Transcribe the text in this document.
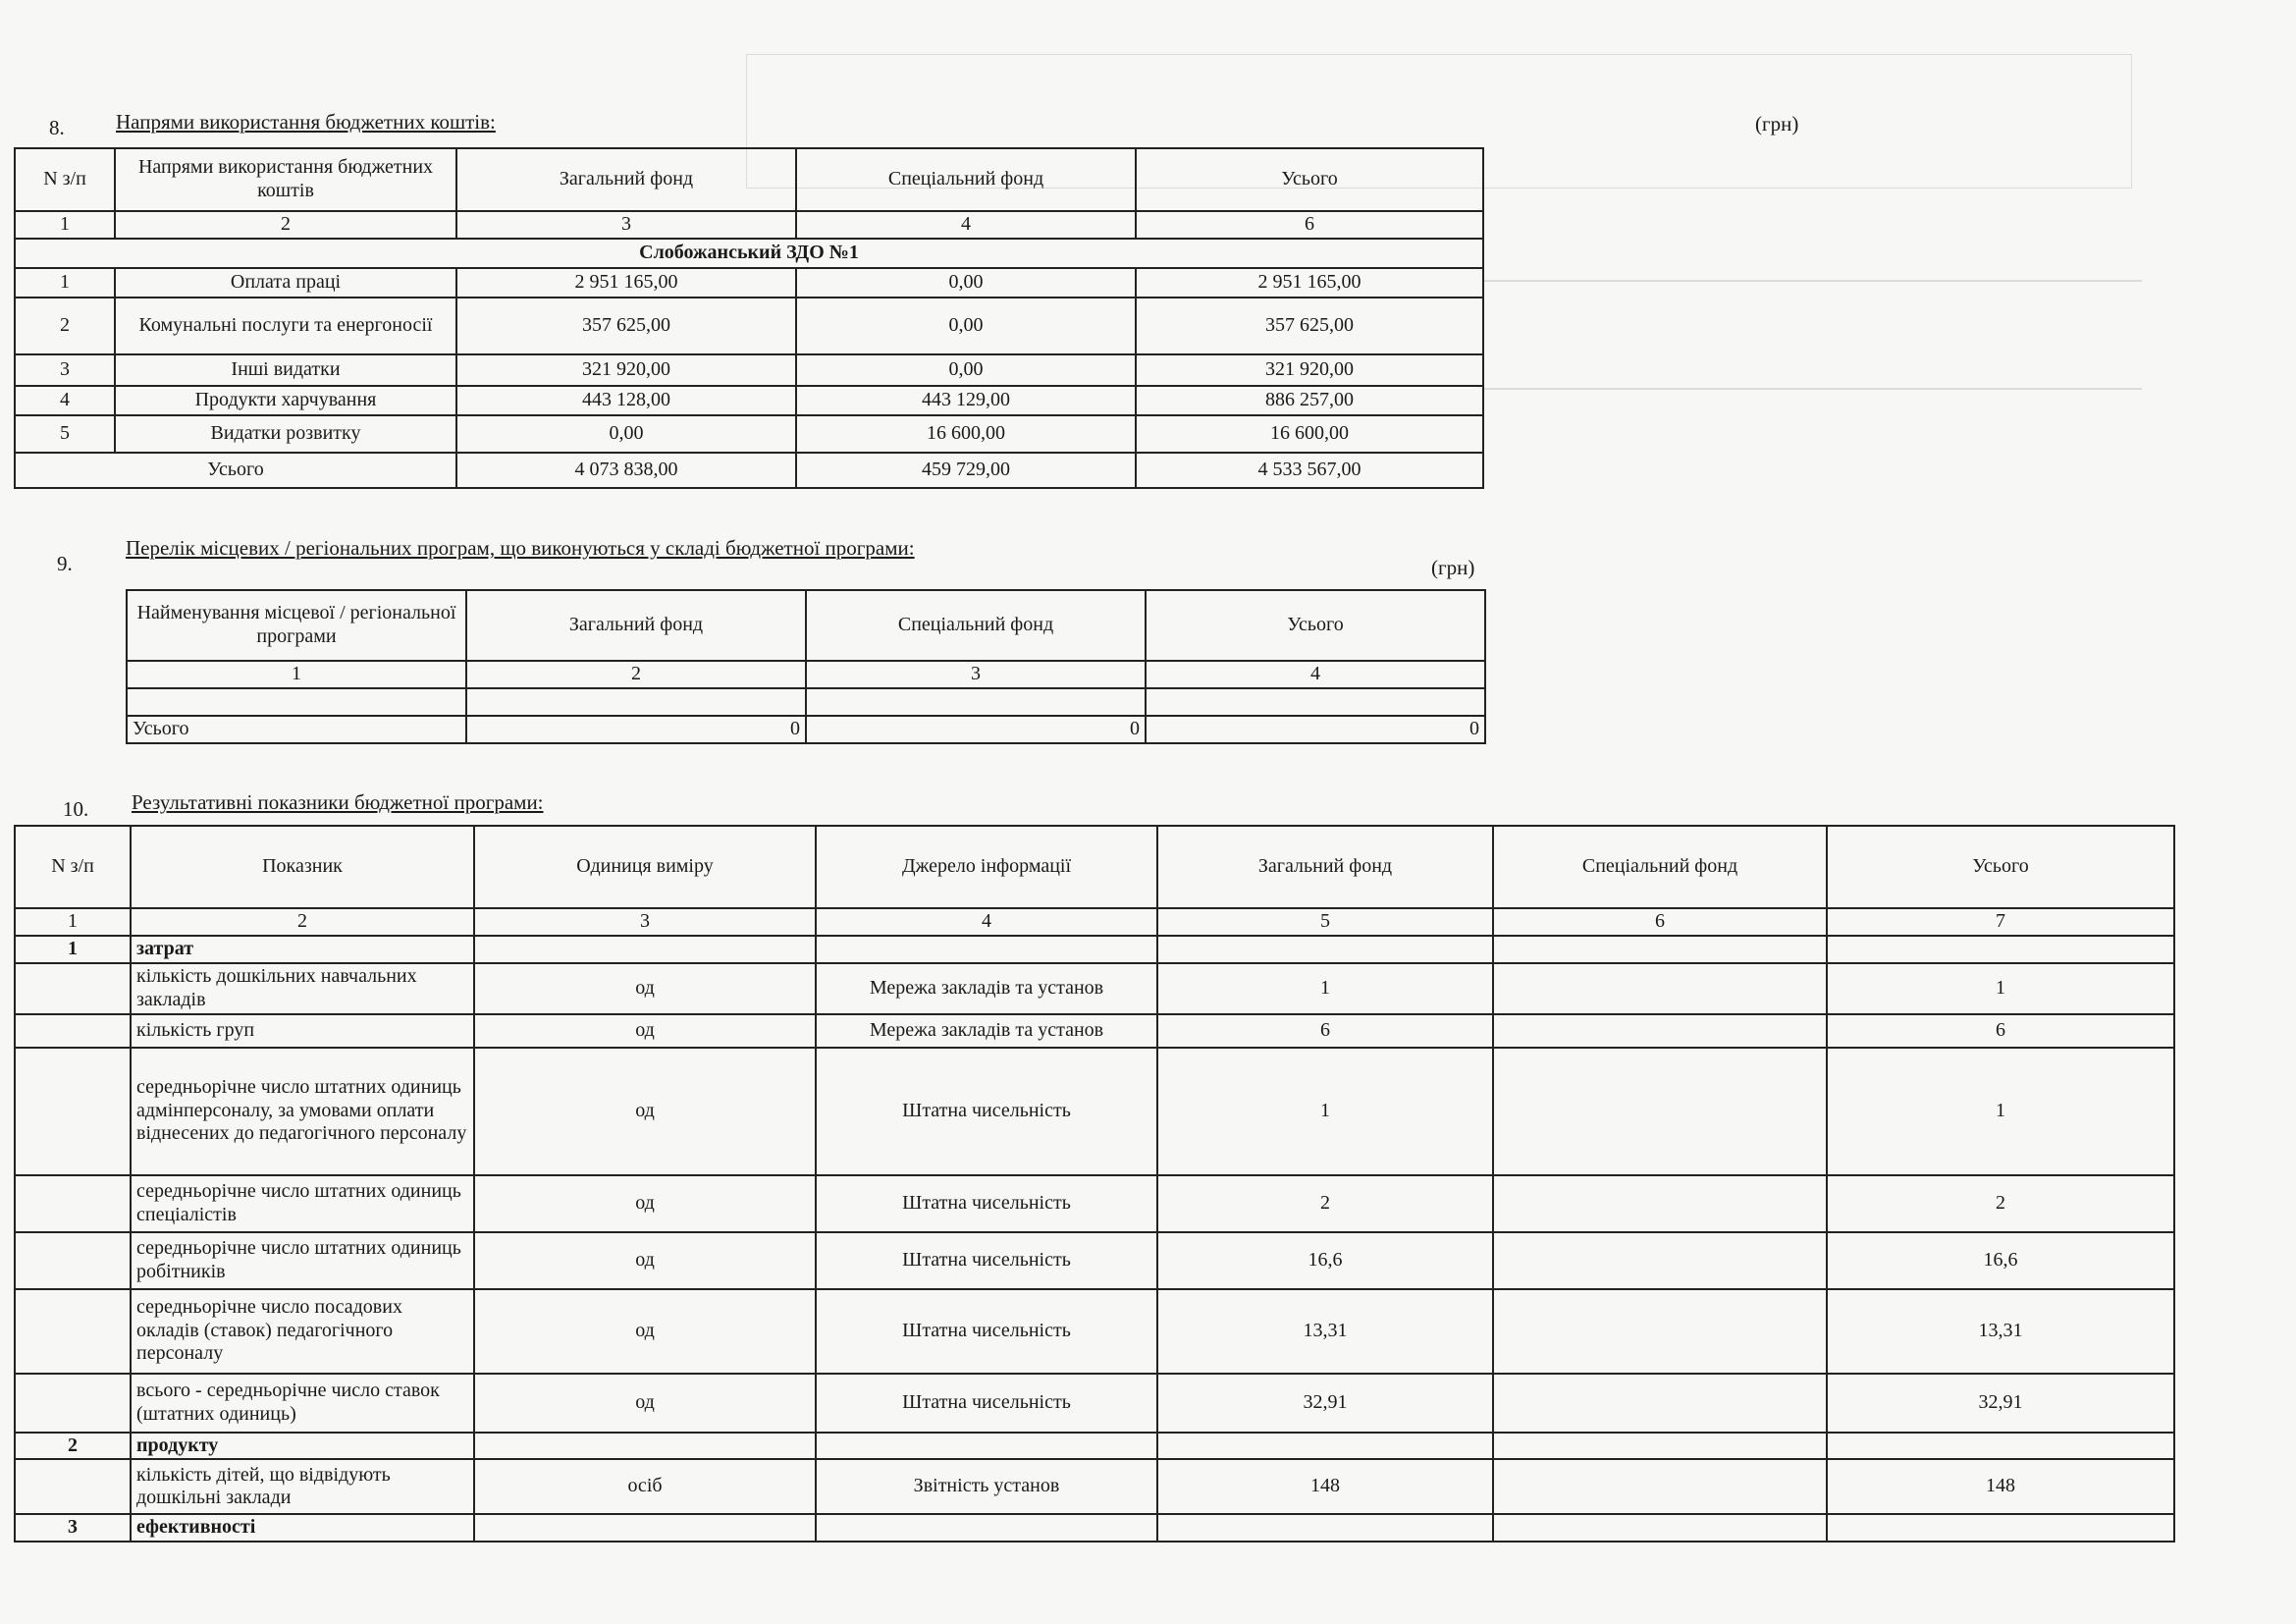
8. Напрями використання бюджетних коштів:	(грн)
N з/п	Напрями використання бюджетних коштів	Загальний фонд	Спеціальний фонд	Усього
1	2	3	4	6
Слобожанський ЗДО №1				
1	Оплата праці	2 951 165,00	0,00	2 951 165,00
2	Комунальні послуги та енергоносії	357 625,00	0,00	357 625,00
3	Інші видатки	321 920,00	0,00	321 920,00
4	Продукти харчування	443 128,00	443 129,00	886 257,00
5	Видатки розвитку	0,00	16 600,00	16 600,00
Усього		4 073 838,00	459 729,00	4 533 567,00
9.
Перелік місцевих / регіональних програм, що виконуються у складі бюджетної програми:
(грн)
Найменування місцевої / регіональної програми	Загальний фонд	Спеціальний фонд	Усього
1	2	3	4

Усього	0	0	0
10. Результативні показники бюджетної програми:
N з/п	Показник	Одиниця виміру	Джерело інформації	Загальний фонд	Спеціальний фонд	Усього
1	2	3	4	5	6	7
1	затрат					
	кількість дошкільних навчальних закладів	од	Мережа закладів та установ	1		1
	кількість груп	од	Мережа закладів та установ	6		6
	середньорічне число штатних одиниць адмінперсоналу, за умовами оплати віднесених до педагогічного персоналу	од	Штатна чисельність	1		1
	середньорічне число штатних одиниць спеціалістів	од	Штатна чисельність	2		2
	середньорічне число штатних одиниць робітників	од	Штатна чисельність	16,6		16,6
	середньорічне число посадових окладів (ставок) педагогічного персоналу	од	Штатна чисельність	13,31		13,31
	всього - середньорічне число ставок (штатних одиниць)	од	Штатна чисельність	32,91		32,91
2	продукту					
	кількість дітей, що відвідують дошкільні заклади	осіб	Звітність установ	148		148
3	ефективності					
